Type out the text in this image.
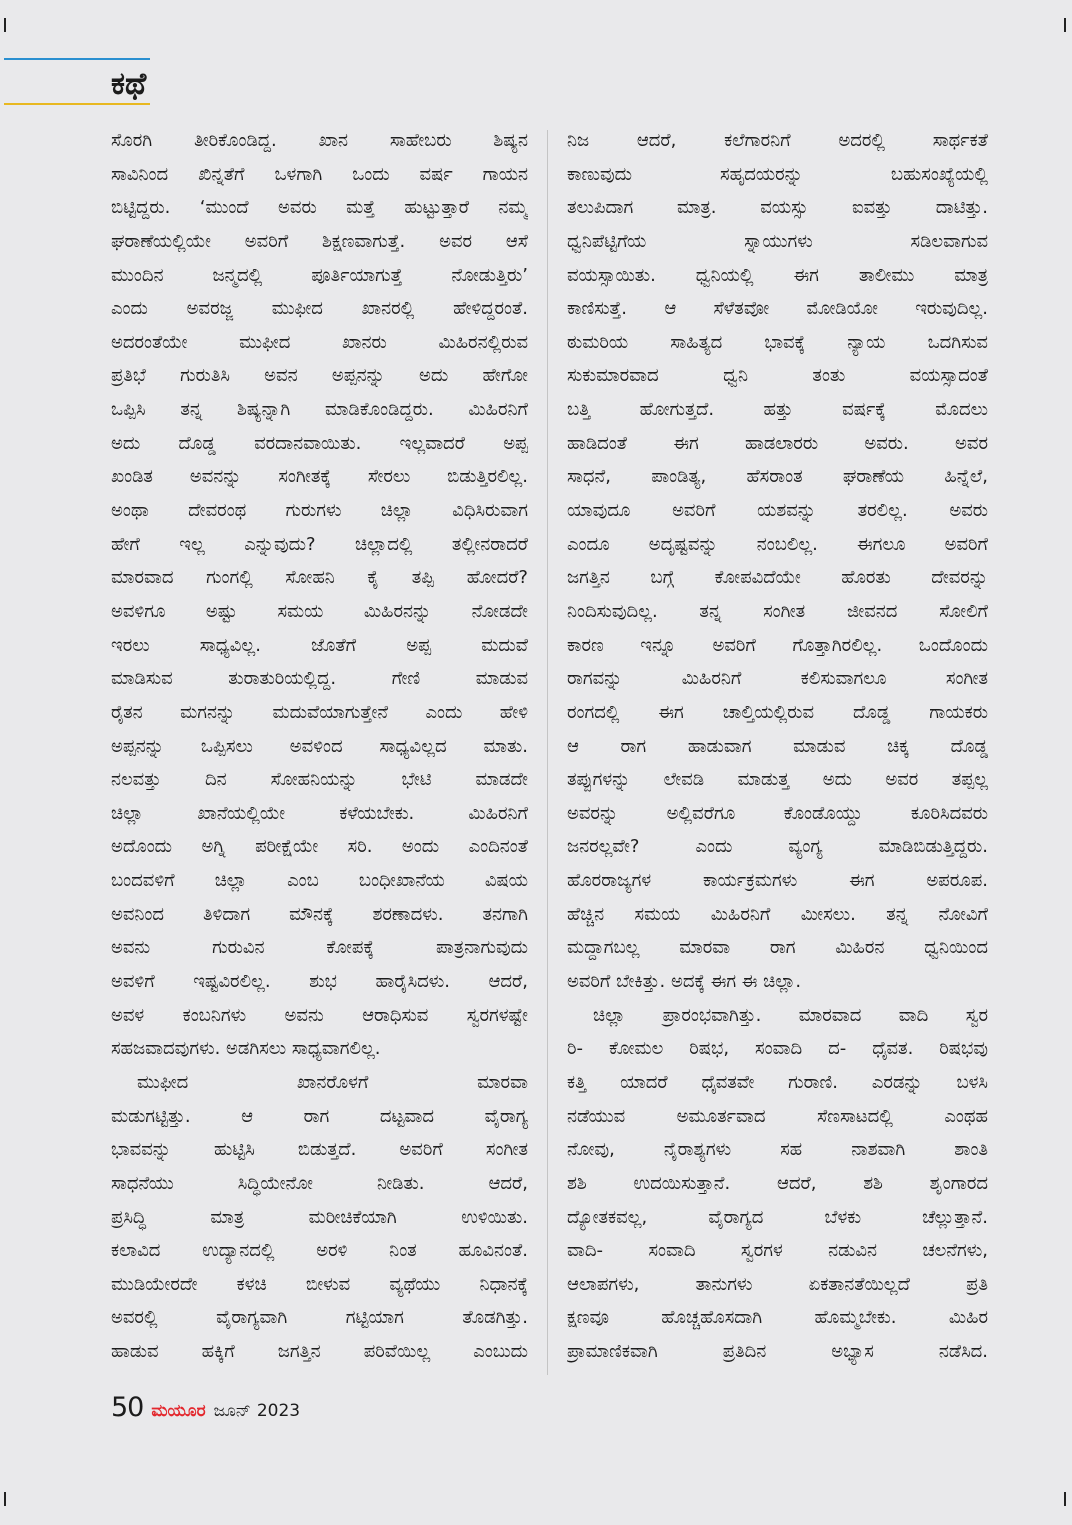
ಕಥೆ
ಸೊರಗಿ ತೀರಿಕೊಂಡಿದ್ದ. ಖಾನ ಸಾಹೇಬರು ಶಿಷ್ಯನ
ಸಾವಿನಿಂದ ಖಿನ್ನತೆಗೆ ಒಳಗಾಗಿ ಒಂದು ವರ್ಷ ಗಾಯನ
ಬಿಟ್ಟಿದ್ದರು. ‘ಮುಂದೆ ಅವರು ಮತ್ತೆ ಹುಟ್ಟುತ್ತಾರೆ ನಮ್ಮ
ಘರಾಣೆಯಲ್ಲಿಯೇ ಅವರಿಗೆ ಶಿಕ್ಷಣವಾಗುತ್ತೆ. ಅವರ ಆಸೆ
ಮುಂದಿನ ಜನ್ಮದಲ್ಲಿ ಪೂರ್ತಿಯಾಗುತ್ತೆ ನೋಡುತ್ತಿರು’
ಎಂದು ಅವರಜ್ಜ ಮುಫೀದ ಖಾನರಲ್ಲಿ ಹೇಳಿದ್ದರಂತೆ.
ಅದರಂತೆಯೇ ಮುಫೀದ ಖಾನರು ಮಿಹಿರನಲ್ಲಿರುವ
ಪ್ರತಿಭೆ ಗುರುತಿಸಿ ಅವನ ಅಪ್ಪನನ್ನು ಅದು ಹೇಗೋ
ಒಪ್ಪಿಸಿ ತನ್ನ ಶಿಷ್ಯನ್ನಾಗಿ ಮಾಡಿಕೊಂಡಿದ್ದರು. ಮಿಹಿರನಿಗೆ
ಅದು ದೊಡ್ಡ ವರದಾನವಾಯಿತು. ಇಲ್ಲವಾದರೆ ಅಪ್ಪ
ಖಂಡಿತ ಅವನನ್ನು ಸಂಗೀತಕ್ಕೆ ಸೇರಲು ಬಿಡುತ್ತಿರಲಿಲ್ಲ.
ಅಂಥಾ ದೇವರಂಥ ಗುರುಗಳು ಚಿಲ್ಲಾ ವಿಧಿಸಿರುವಾಗ
ಹೇಗೆ ಇಲ್ಲ ಎನ್ನುವುದು? ಚಿಲ್ಲಾದಲ್ಲಿ ತಲ್ಲೀನರಾದರೆ
ಮಾರವಾದ ಗುಂಗಲ್ಲಿ ಸೋಹನಿ ಕೈ ತಪ್ಪಿ ಹೋದರೆ?
ಅವಳಿಗೂ ಅಷ್ಟು ಸಮಯ ಮಿಹಿರನನ್ನು ನೋಡದೇ
ಇರಲು ಸಾಧ್ಯವಿಲ್ಲ. ಜೊತೆಗೆ ಅಪ್ಪ ಮದುವೆ
ಮಾಡಿಸುವ ತುರಾತುರಿಯಲ್ಲಿದ್ದ. ಗೇಣಿ ಮಾಡುವ
ರೈತನ ಮಗನನ್ನು ಮದುವೆಯಾಗುತ್ತೇನೆ ಎಂದು ಹೇಳಿ
ಅಪ್ಪನನ್ನು ಒಪ್ಪಿಸಲು ಅವಳಿಂದ ಸಾಧ್ಯವಿಲ್ಲದ ಮಾತು.
ನಲವತ್ತು ದಿನ ಸೋಹನಿಯನ್ನು ಭೇಟಿ ಮಾಡದೇ
ಚಿಲ್ಲಾ ಖಾನೆಯಲ್ಲಿಯೇ ಕಳೆಯಬೇಕು. ಮಿಹಿರನಿಗೆ
ಅದೊಂದು ಅಗ್ನಿ ಪರೀಕ್ಷೆಯೇ ಸರಿ. ಅಂದು ಎಂದಿನಂತೆ
ಬಂದವಳಿಗೆ ಚಿಲ್ಲಾ ಎಂಬ ಬಂಧೀಖಾನೆಯ ವಿಷಯ
ಅವನಿಂದ ತಿಳಿದಾಗ ಮೌನಕ್ಕೆ ಶರಣಾದಳು. ತನಗಾಗಿ
ಅವನು ಗುರುವಿನ ಕೋಪಕ್ಕೆ ಪಾತ್ರನಾಗುವುದು
ಅವಳಿಗೆ ಇಷ್ಟವಿರಲಿಲ್ಲ. ಶುಭ ಹಾರೈಸಿದಳು. ಆದರೆ,
ಅವಳ ಕಂಬನಿಗಳು ಅವನು ಆರಾಧಿಸುವ ಸ್ವರಗಳಷ್ಟೇ
ಸಹಜವಾದವುಗಳು. ಅಡಗಿಸಲು ಸಾಧ್ಯವಾಗಲಿಲ್ಲ.
ಮುಫೀದ ಖಾನರೊಳಗೆ ಮಾರವಾ
ಮಡುಗಟ್ಟಿತ್ತು. ಆ ರಾಗ ದಟ್ಟವಾದ ವೈರಾಗ್ಯ
ಭಾವವನ್ನು ಹುಟ್ಟಿಸಿ ಬಿಡುತ್ತದೆ. ಅವರಿಗೆ ಸಂಗೀತ
ಸಾಧನೆಯು ಸಿದ್ಧಿಯೇನೋ ನೀಡಿತು. ಆದರೆ,
ಪ್ರಸಿದ್ಧಿ ಮಾತ್ರ ಮರೀಚಿಕೆಯಾಗಿ ಉಳಿಯಿತು.
ಕಲಾವಿದ ಉದ್ಯಾನದಲ್ಲಿ ಅರಳಿ ನಿಂತ ಹೂವಿನಂತೆ.
ಮುಡಿಯೇರದೇ ಕಳಚಿ ಬೀಳುವ ವ್ಯಥೆಯು ನಿಧಾನಕ್ಕೆ
ಅವರಲ್ಲಿ ವೈರಾಗ್ಯವಾಗಿ ಗಟ್ಟಿಯಾಗ ತೊಡಗಿತ್ತು.
ಹಾಡುವ ಹಕ್ಕಿಗೆ ಜಗತ್ತಿನ ಪರಿವೆಯಿಲ್ಲ ಎಂಬುದು
ನಿಜ ಆದರೆ, ಕಲೆಗಾರನಿಗೆ ಅದರಲ್ಲಿ ಸಾರ್ಥಕತೆ
ಕಾಣುವುದು ಸಹೃದಯರನ್ನು ಬಹುಸಂಖ್ಯೆಯಲ್ಲಿ
ತಲುಪಿದಾಗ ಮಾತ್ರ. ವಯಸ್ಸು ಐವತ್ತು ದಾಟಿತ್ತು.
ಧ್ವನಿಪೆಟ್ಟಿಗೆಯ ಸ್ನಾಯುಗಳು ಸಡಿಲವಾಗುವ
ವಯಸ್ಸಾಯಿತು. ಧ್ವನಿಯಲ್ಲಿ ಈಗ ತಾಲೀಮು ಮಾತ್ರ
ಕಾಣಿಸುತ್ತೆ. ಆ ಸೆಳೆತವೋ ಮೋಡಿಯೋ ಇರುವುದಿಲ್ಲ.
ಠುಮರಿಯ ಸಾಹಿತ್ಯದ ಭಾವಕ್ಕೆ ನ್ಯಾಯ ಒದಗಿಸುವ
ಸುಕುಮಾರವಾದ ಧ್ವನಿ ತಂತು ವಯಸ್ಸಾದಂತೆ
ಬತ್ತಿ ಹೋಗುತ್ತದೆ. ಹತ್ತು ವರ್ಷಕ್ಕೆ ಮೊದಲು
ಹಾಡಿದಂತೆ ಈಗ ಹಾಡಲಾರರು ಅವರು. ಅವರ
ಸಾಧನೆ, ಪಾಂಡಿತ್ಯ, ಹೆಸರಾಂತ ಘರಾಣೆಯ ಹಿನ್ನೆಲೆ,
ಯಾವುದೂ ಅವರಿಗೆ ಯಶವನ್ನು ತರಲಿಲ್ಲ. ಅವರು
ಎಂದೂ ಅದೃಷ್ಟವನ್ನು ನಂಬಲಿಲ್ಲ. ಈಗಲೂ ಅವರಿಗೆ
ಜಗತ್ತಿನ ಬಗ್ಗೆ ಕೋಪವಿದೆಯೇ ಹೊರತು ದೇವರನ್ನು
ನಿಂದಿಸುವುದಿಲ್ಲ. ತನ್ನ ಸಂಗೀತ ಜೀವನದ ಸೋಲಿಗೆ
ಕಾರಣ ಇನ್ನೂ ಅವರಿಗೆ ಗೊತ್ತಾಗಿರಲಿಲ್ಲ. ಒಂದೊಂದು
ರಾಗವನ್ನು ಮಿಹಿರನಿಗೆ ಕಲಿಸುವಾಗಲೂ ಸಂಗೀತ
ರಂಗದಲ್ಲಿ ಈಗ ಚಾಲ್ತಿಯಲ್ಲಿರುವ ದೊಡ್ಡ ಗಾಯಕರು
ಆ ರಾಗ ಹಾಡುವಾಗ ಮಾಡುವ ಚಿಕ್ಕ ದೊಡ್ಡ
ತಪ್ಪುಗಳನ್ನು ಲೇವಡಿ ಮಾಡುತ್ತ ಅದು ಅವರ ತಪ್ಪಲ್ಲ
ಅವರನ್ನು ಅಲ್ಲಿವರೆಗೂ ಕೊಂಡೊಯ್ದು ಕೂರಿಸಿದವರು
ಜನರಲ್ಲವೇ? ಎಂದು ವ್ಯಂಗ್ಯ ಮಾಡಿಬಿಡುತ್ತಿದ್ದರು.
ಹೊರರಾಜ್ಯಗಳ ಕಾರ್ಯಕ್ರಮಗಳು ಈಗ ಅಪರೂಪ.
ಹೆಚ್ಚಿನ ಸಮಯ ಮಿಹಿರನಿಗೆ ಮೀಸಲು. ತನ್ನ ನೋವಿಗೆ
ಮದ್ದಾಗಬಲ್ಲ ಮಾರವಾ ರಾಗ ಮಿಹಿರನ ಧ್ವನಿಯಿಂದ
ಅವರಿಗೆ ಬೇಕಿತ್ತು. ಅದಕ್ಕೆ ಈಗ ಈ ಚಿಲ್ಲಾ.
ಚಿಲ್ಲಾ ಪ್ರಾರಂಭವಾಗಿತ್ತು. ಮಾರವಾದ ವಾದಿ ಸ್ವರ
ರಿ- ಕೋಮಲ ರಿಷಭ, ಸಂವಾದಿ ದ- ಧೈವತ. ರಿಷಭವು
ಕತ್ತಿ ಯಾದರೆ ಧೈವತವೇ ಗುರಾಣಿ. ಎರಡನ್ನು ಬಳಸಿ
ನಡೆಯುವ ಅಮೂರ್ತವಾದ ಸೆಣಸಾಟದಲ್ಲಿ ಎಂಥಹ
ನೋವು, ನೈರಾಶ್ಯಗಳು ಸಹ ನಾಶವಾಗಿ ಶಾಂತಿ
ಶಶಿ ಉದಯಿಸುತ್ತಾನೆ. ಆದರೆ, ಶಶಿ ಶೃಂಗಾರದ
ದ್ಯೋತಕವಲ್ಲ, ವೈರಾಗ್ಯದ ಬೆಳಕು ಚೆಲ್ಲುತ್ತಾನೆ.
ವಾದಿ- ಸಂವಾದಿ ಸ್ವರಗಳ ನಡುವಿನ ಚಲನೆಗಳು,
ಆಲಾಪಗಳು, ತಾನುಗಳು ಏಕತಾನತೆಯಿಲ್ಲದೆ ಪ್ರತಿ
ಕ್ಷಣವೂ ಹೊಚ್ಚಹೊಸದಾಗಿ ಹೊಮ್ಮಬೇಕು. ಮಿಹಿರ
ಪ್ರಾಮಾಣಿಕವಾಗಿ ಪ್ರತಿದಿನ ಅಭ್ಯಾಸ ನಡೆಸಿದ.
50 ಮಯೂರ ಜೂನ್ 2023
